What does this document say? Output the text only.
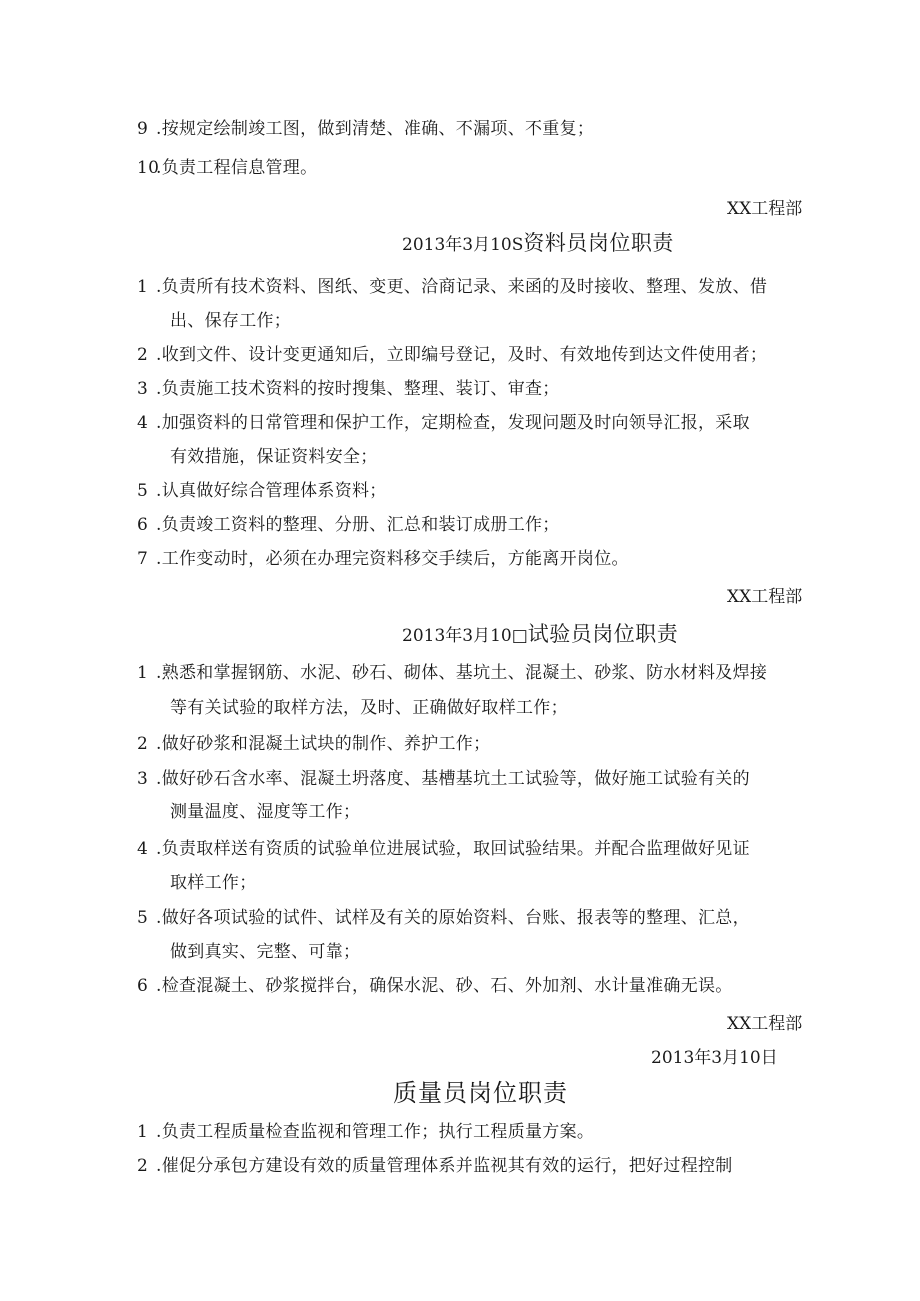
9 .按规定绘制竣工图，做到清楚、准确、不漏项、不重复；
10
.负责工程信息管理。
XX工程部
2013年3月10S资料员岗位职责
1 .负责所有技术资料、图纸、变更、洽商记录、来函的及时接收、整理、发放、借
出、保存工作；
2 .收到文件、设计变更通知后，立即编号登记，及时、有效地传到达文件使用者；
3 .负责施工技术资料的按时搜集、整理、装订、审查；
4 .加强资料的日常管理和保护工作，定期检查，发现问题及时向领导汇报，采取
有效措施，保证资料安全；
5 .认真做好综合管理体系资料；
6 .负责竣工资料的整理、分册、汇总和装订成册工作；
7 .工作变动时，必须在办理完资料移交手续后，方能离开岗位。
XX工程部
2013年3月10□试验员岗位职责
1 .熟悉和掌握钢筋、水泥、砂石、砌体、基坑土、混凝土、砂浆、防水材料及焊接
等有关试验的取样方法，及时、正确做好取样工作；
2 .做好砂浆和混凝土试块的制作、养护工作；
3 .做好砂石含水率、混凝土坍落度、基槽基坑土工试验等，做好施工试验有关的
测量温度、湿度等工作；
4 .负责取样送有资质的试验单位进展试验，取回试验结果。并配合监理做好见证
取样工作；
5 .做好各项试验的试件、试样及有关的原始资料、台账、报表等的整理、汇总，
做到真实、完整、可靠；
6 .检查混凝土、砂浆搅拌台，确保水泥、砂、石、外加剂、水计量准确无误。
XX工程部
2013年3月10日
质量员岗位职责
1 .负责工程质量检查监视和管理工作；执行工程质量方案。
2 .催促分承包方建设有效的质量管理体系并监视其有效的运行，把好过程控制
